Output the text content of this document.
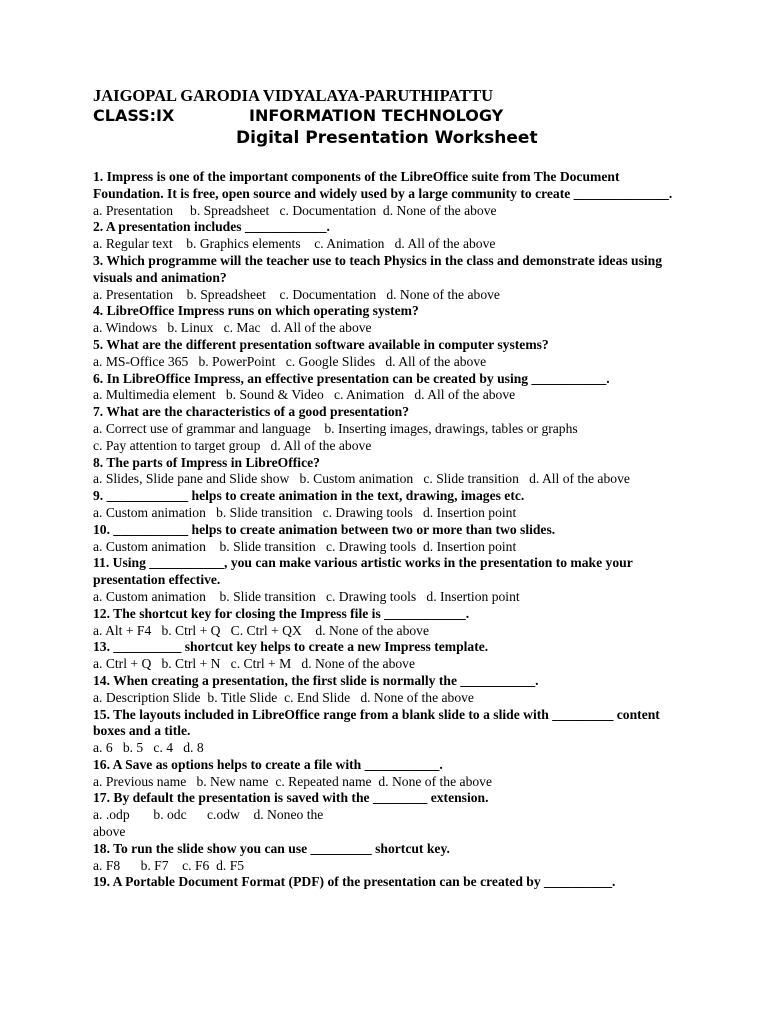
JAIGOPAL GARODIA VIDYALAYA-PARUTHIPATTU
CLASS:IX	INFORMATION TECHNOLOGY
Digital Presentation Worksheet

1. Impress is one of the important components of the LibreOffice suite from The Document Foundation. It is free, open source and widely used by a large community to create ______________.

a. Presentation     b. Spreadsheet   c. Documentation  d. None of the above

2. A presentation includes ____________.

a. Regular text    b. Graphics elements    c. Animation   d. All of the above

3. Which programme will the teacher use to teach Physics in the class and demonstrate ideas using visuals and animation?

a. Presentation    b. Spreadsheet    c. Documentation   d. None of the above

4. LibreOffice Impress runs on which operating system?

a. Windows   b. Linux   c. Mac   d. All of the above

5. What are the different presentation software available in computer systems?

a. MS-Office 365   b. PowerPoint   c. Google Slides   d. All of the above

6. In LibreOffice Impress, an effective presentation can be created by using ___________.

a. Multimedia element   b. Sound & Video   c. Animation   d. All of the above

7. What are the characteristics of a good presentation?

a. Correct use of grammar and language    b. Inserting images, drawings, tables or graphs

c. Pay attention to target group   d. All of the above

8. The parts of Impress in LibreOffice?

a. Slides, Slide pane and Slide show   b. Custom animation   c. Slide transition   d. All of the above

9. ____________ helps to create animation in the text, drawing, images etc.

a. Custom animation   b. Slide transition   c. Drawing tools   d. Insertion point

10. ___________ helps to create animation between two or more than two slides.

a. Custom animation    b. Slide transition   c. Drawing tools  d. Insertion point

11. Using ___________, you can make various artistic works in the presentation to make your presentation effective.

a. Custom animation    b. Slide transition   c. Drawing tools   d. Insertion point

12. The shortcut key for closing the Impress file is ____________.

a. Alt + F4   b. Ctrl + Q   C. Ctrl + QX    d. None of the above

13. __________ shortcut key helps to create a new Impress template.

a. Ctrl + Q   b. Ctrl + N   c. Ctrl + M   d. None of the above

14. When creating a presentation, the first slide is normally the ___________.

a. Description Slide  b. Title Slide  c. End Slide   d. None of the above

15. The layouts included in LibreOffice range from a blank slide to a slide with _________ content boxes and a title.

a. 6   b. 5   c. 4   d. 8

16. A Save as options helps to create a file with ___________.

a. Previous name   b. New name  c. Repeated name  d. None of the above

17. By default the presentation is saved with the ________ extension.

a. .odp       b. odc      c.odw    d. Noneo the

above

18. To run the slide show you can use _________ shortcut key.

a. F8      b. F7    c. F6  d. F5

19. A Portable Document Format (PDF) of the presentation can be created by __________.
